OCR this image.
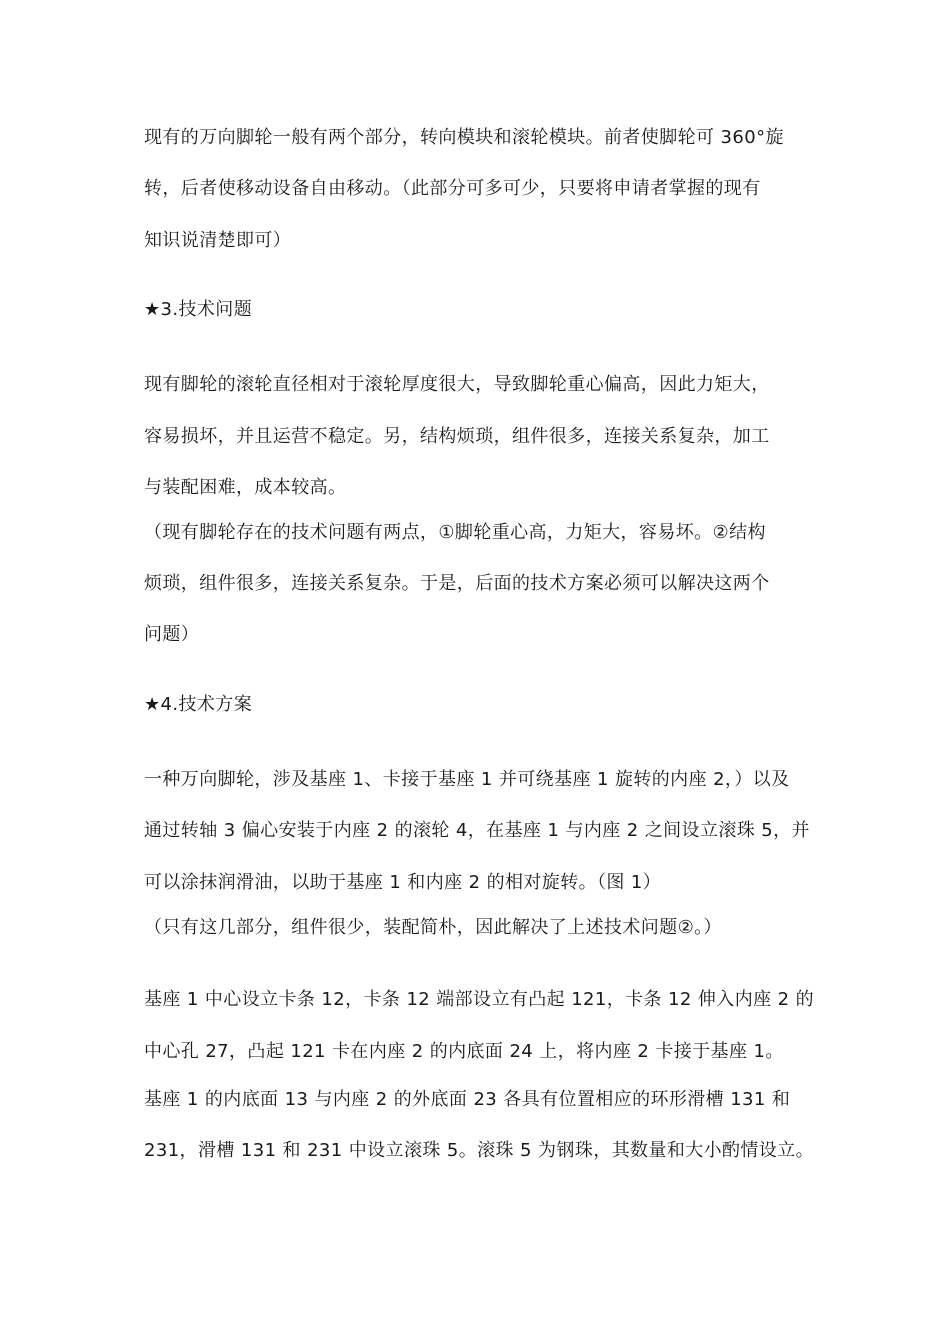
现有的万向脚轮一般有两个部分，转向模块和滚轮模块。前者使脚轮可 360°旋
转，后者使移动设备自由移动。（此部分可多可少，只要将申请者掌握的现有
知识说清楚即可）
★3.技术问题
现有脚轮的滚轮直径相对于滚轮厚度很大，导致脚轮重心偏高，因此力矩大，
容易损坏，并且运营不稳定。另，结构烦琐，组件很多，连接关系复杂，加工
与装配困难，成本较高。
（现有脚轮存在的技术问题有两点，①脚轮重心高，力矩大，容易坏。②结构
烦琐，组件很多，连接关系复杂。于是，后面的技术方案必须可以解决这两个
问题）
★4.技术方案
一种万向脚轮，涉及基座 1、卡接于基座 1 并可绕基座 1 旋转的内座 2，）以及
通过转轴 3 偏心安装于内座 2 的滚轮 4，在基座 1 与内座 2 之间设立滚珠 5，并
可以涂抹润滑油，以助于基座 1 和内座 2 的相对旋转。（图 1）
（只有这几部分，组件很少，装配简朴，因此解决了上述技术问题②。）
基座 1 中心设立卡条 12，卡条 12 端部设立有凸起 121，卡条 12 伸入内座 2 的
中心孔 27，凸起 121 卡在内座 2 的内底面 24 上，将内座 2 卡接于基座 1。
基座 1 的内底面 13 与内座 2 的外底面 23 各具有位置相应的环形滑槽 131 和
231，滑槽 131 和 231 中设立滚珠 5。滚珠 5 为钢珠，其数量和大小酌情设立。
